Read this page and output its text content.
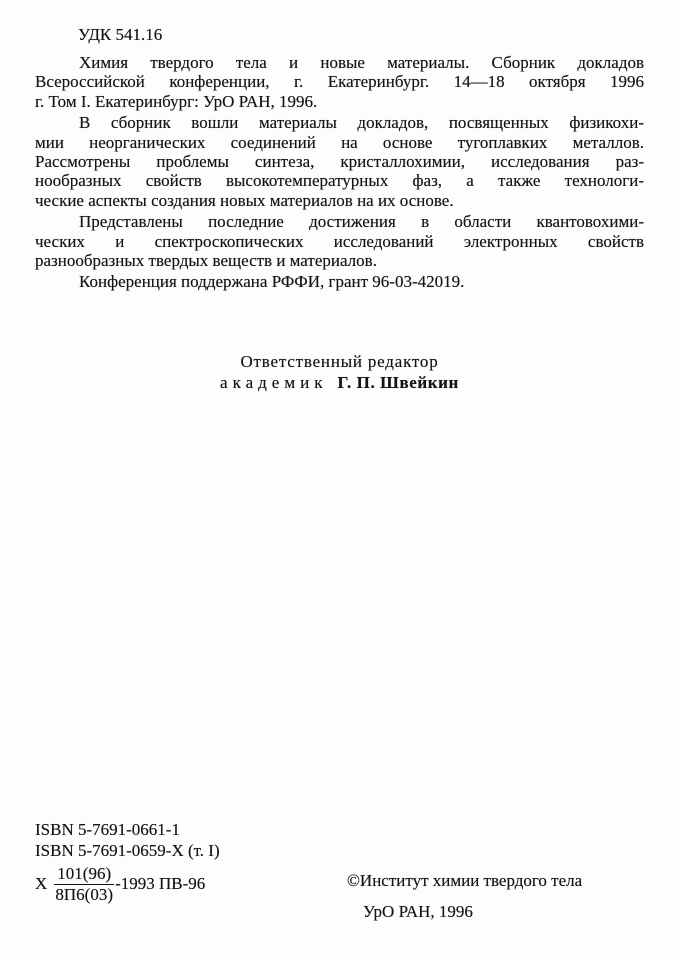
УДК 541.16

Химия твердого тела и новые материалы. Сборник докладов
Всероссийской конференции, г. Екатеринбург. 14—18 октября 1996
г. Том I. Екатеринбург: УрО РАН, 1996.

В сборник вошли материалы докладов, посвященных физикохи-
мии неорганических соединений на основе тугоплавких металлов.
Рассмотрены проблемы синтеза, кристаллохимии, исследования раз-
нообразных свойств высокотемпературных фаз, а также технологи-
ческие аспекты создания новых материалов на их основе.

Представлены последние достижения в области квантовохими-
ческих и спектроскопических исследований электронных свойств
разнообразных твердых веществ и материалов.

Конференция поддержана РФФИ, грант 96-03-42019.

Ответственный редактор
академик Г. П. Швейкин
ISBN 5-7691-0661-1
ISBN 5-7691-0659-X (т. I)
Х $\frac{101(96)}{8П6(03)} -1993$ ПВ-96	©Институт химии твердого тела
УрО РАН, 1996
